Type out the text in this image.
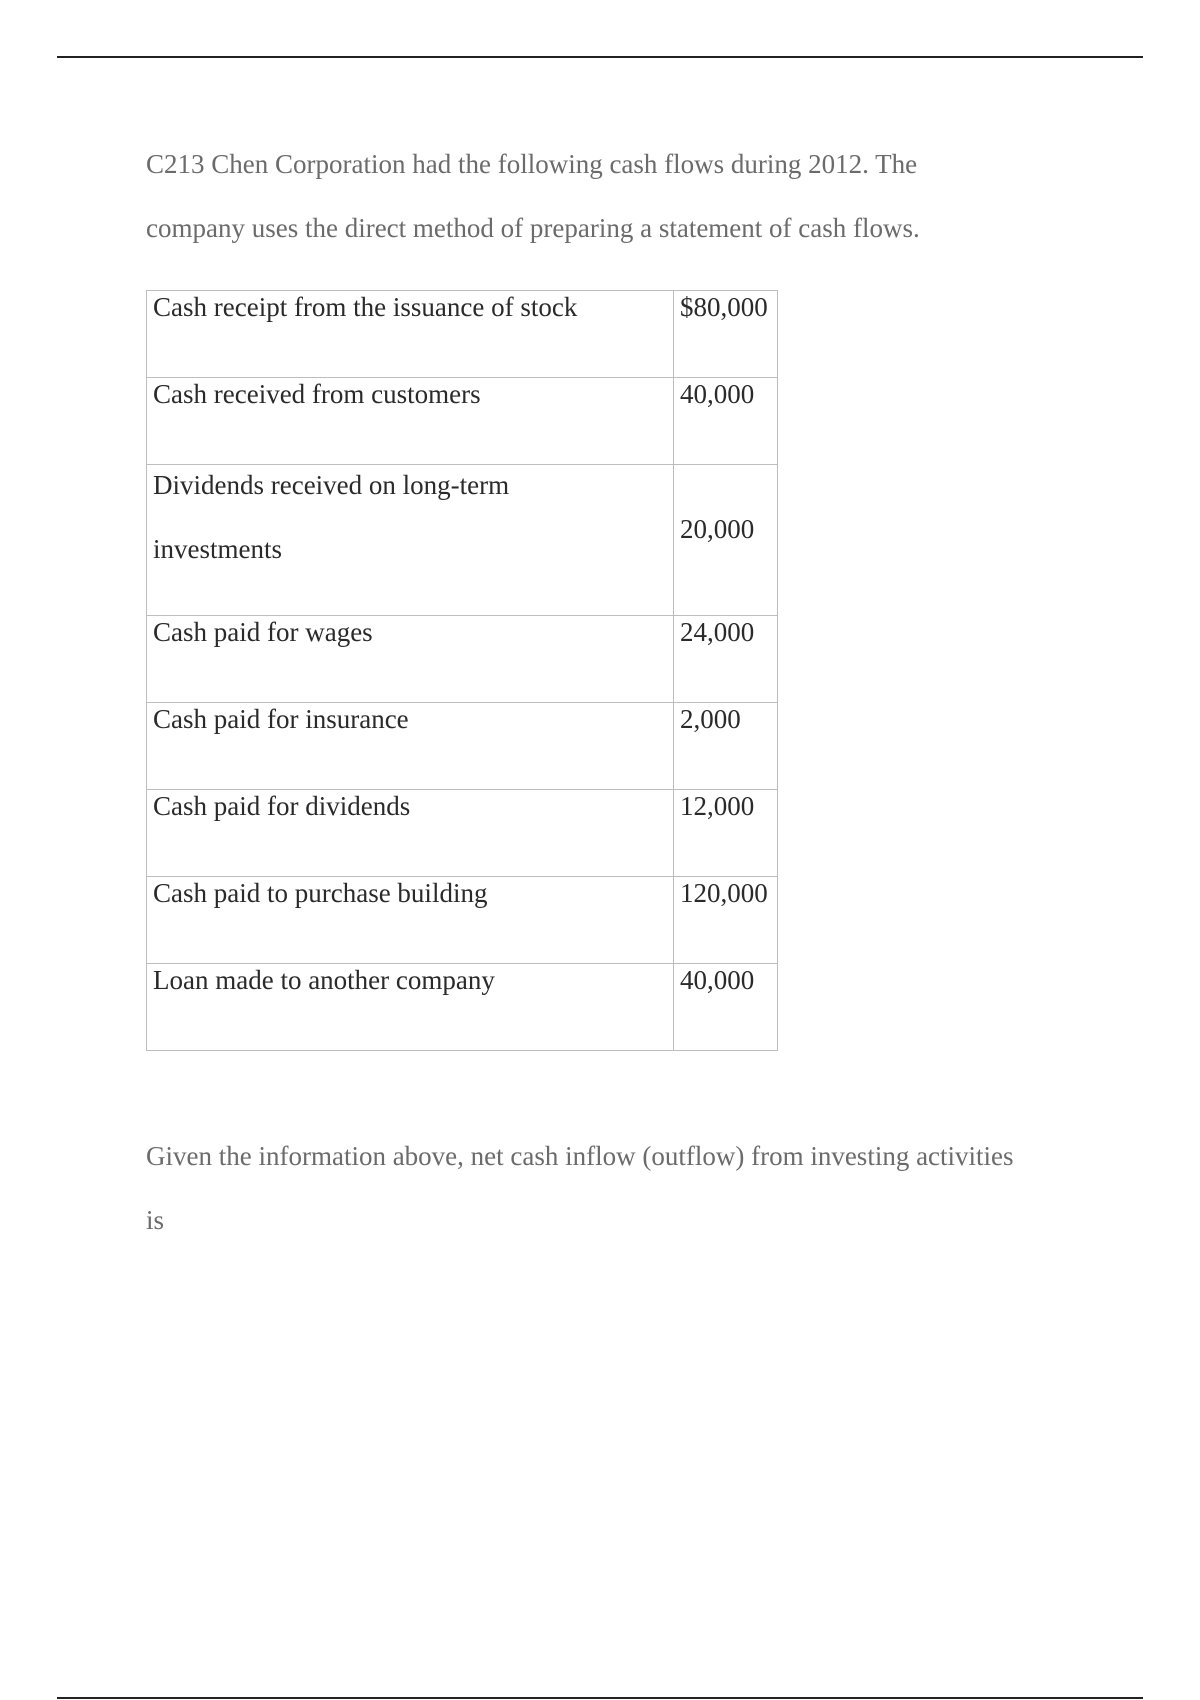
C213 Chen Corporation had the following cash flows during 2012. The

company uses the direct method of preparing a statement of cash flows.

Cash receipt from the issuance of stock	$80,000
Cash received from customers	40,000
Dividends received on long-term
investments	20,000
Cash paid for wages	24,000
Cash paid for insurance	2,000
Cash paid for dividends	12,000
Cash paid to purchase building	120,000
Loan made to another company	40,000

Given the information above, net cash inflow (outflow) from investing activities

is
